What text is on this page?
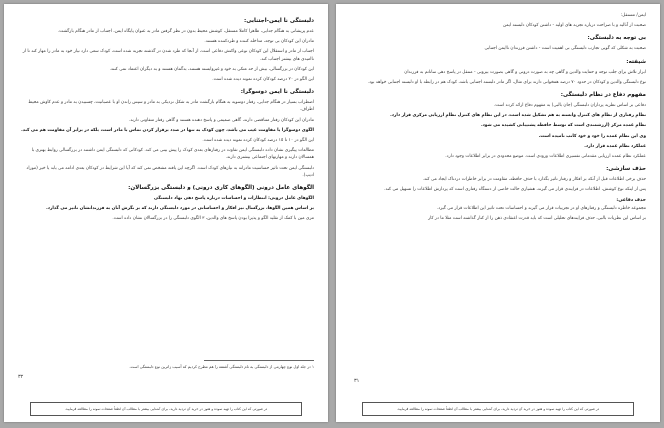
دلبستگی نا ایمن-اجتنابی:
عدم پریشانی به هنگام جدایی، ظاهرا کاملا مستقل، کوشش محیط بدون در نظر گرفتن مادر به عنوان پایگاه ایمن، اجتناب از مادر هنگام بازگشت.
مادران این کودکان بی توجه، مداخله کننده و طردکننده هستند.
اجتناب از مادر و استقلال این کودکان نوعی واکنش دفاعی است، از آنجا که طرد شدن در گذشته تجربه شده است، کودک سعی دارد نیاز خود به مادر را مهار کند تا از ناامیدی های بیشتر اجتناب کند.
این کودکان در بزرگسالی، بیش از حد متکی به خود و غیروابسته هستند، بدگمان هستند و به دیگران اعتماد نمی کنند.
این الگو در ٢٠ درصد کودکان کرده نمونه دیده شده است.
دلبستگی نا ایمن دوسوگرا:
اضطراب بسیار در هنگام جدایی، رفتار دوسویه به هنگام بازگشت مادر به شکل نزدیکی به مادر و سپس راندن او با عصبانیت، چسبیدن به مادر و عدم کاوش محیط اطراف.
مادران این کودکان رفتار متناقضی دارند، گاهی صمیمی و پاسخ دهنده هستند و گاهی رفتار متفاوتی دارند.
الگوی دوسوگرا یا مقاومت عیب می باشد، چون کودک به تنها در صدد برقرار کردن تماس با مادر است، بلکه در برابر آن مقاومت هم می کند.
این الگو در ١٠ تا ١٥ درصد کودکان کرده نمونه دیده شده است.
مطالعات پیگیری نشان داده دلبستگی ایمن تفاوت در رفتارهای بعدی کودک را پیش بینی می کند. کودکانی که دلبستگی ایمن داشتند در بزرگسالی روابط بهتری با همسالان دارند و مهارتهای اجتماعی بیشتری دارند.
دلبستگی ایمن تحت تاثیر حساسیت مادرانه به نیازهای کودک است. اگرچه این یافته مشخص نمی کند که آیا این شرایط در کودکان بعدی ادامه می یابد یا خیر (موراد ادیپ).
الگوهای عامل درونی (الگوهای کاری درونی) و دلبستگی بزرگسالان:
الگوهای عامل درونی: انتظارات و احساسات درباره پاسخ دهی نهاد دلبستگی
بر اساس همین الگوها، بزرگسال نیز افکار و احساساتی در مورد دلبستگی دارند که بر نگرش آنان به فرزندانشان تاثیر می گذارد.
مری مین با کمک از تقلید الگو و پذیرا بودن پاسخ های والدین، ٣ الگوی دلبستگی را در بزرگسالان نشان داده است.
١ در جلد اول نوع چهارمی از دلبستگی به نام دلبستگی آشفته را هم مطرح کردیم که آسیب زاترین نوع دلبستگی است.
٣٢
در صورتی که این کتاب را تهیه نموده و هنوز در خرید آن تردید دارید، برای آشنایی بیشتر با مطالب آن لطفاً صفحات نمونه را مطالعه فرمایید.
ایمن/ مستقل:
صحبت از آنالیه و با صراحت درباره تجربه های اولیه - داشتن کودکان دلبسته ایمن
بی توجه به دلبستگی:
صحبت به شکلی که گویی تجارب دلبستگی بی اهمیت است - داشتن فرزندان ناایمن اجتنابی
شیفته:
ابراز تلاش برای جلب توجه و حمایت والدین و گاهی چه به صورت درونی و گاهی بصورت بیرونی - منتقل در پاسخ دهی ساناتم به فرزندان
نوع دلبستگی والدین و کودکان در حدود ٧٠ درصد همخوانی دارند برای مثال، اگر مادر دلبسته اجتنابی باشد، کودک هم در رابطه با او دلبسته اجتنابی خواهد بود.
مفهوم دفاع در نظام دلبستگی:
دفاعی بر اساس نظریه پردازان دلبستگی (جان بالبی) به مفهوم دفاع ارائه کرده است.
نظام رفتاری از نظام های کنترل وابسته به هم تشکیل شده است، در این نظام های کنترل نظام ارزیابی مرکزی قرار دارد.
نظام عمده مرکز (ارزشمندی است که توسط حافظه پشتیبانی کشیده می شود.
وی این نظام عمده را خود و خود کانب نامیده است.
عملکرد نظام عمده قرار دارد.
عملکرد نظام عمده ارزیابی مقدماتی تفسیری اطلاعات ورودی است. موضع محدودی در برابر اطلاعات وجود دارد.
حذف سازشی:
حذف برخی اطلاعات قبل از آنکه بر افکار و رفتار تاثیر بگذارد با حذف حافظه، مقاومت در برابر خاطرات دردناک ایجاد می کند.
پس از اینکه نوع کوشش، اطلاعات در فرایندی قرار می گیرند، هشیاری حالت خاصی از دستگاه رفتاری است که پردازش اطلاعات را تسهیل می کند.
حذف دفاعی:
مجموعه خاطره دلبستگی و رفتارهای او در تجربیات قرار می گیرند و احساسات تحت تاثیر این اطلاعات قرار می گیرد.
بر اساس این نظریات بالبی، حذف فرایندهای تحلیلی است که باید قدرت اعتقادی ذهن را از کنار گذاشته است مثلا ما در کار
٣١
در صورتی که این کتاب را تهیه نموده و هنوز در خرید آن تردید دارید، برای آشنایی بیشتر با مطالب آن لطفاً صفحات نمونه را مطالعه فرمایید.
